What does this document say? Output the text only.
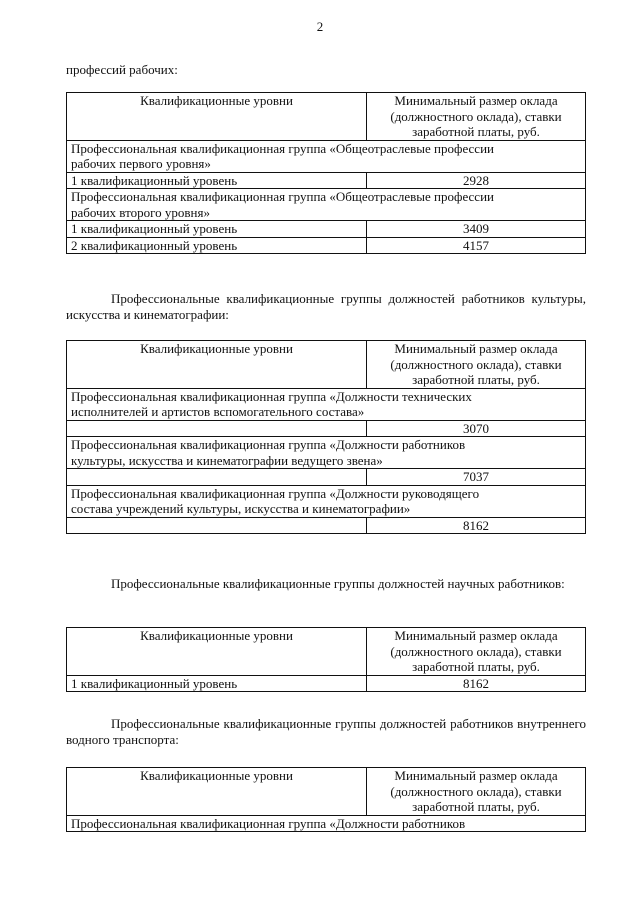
2

профессий рабочих:

Квалификационные уровни	Минимальный размер оклада
(должностного оклада), ставки
заработной платы, руб.

Профессиональная квалификационная группа «Общеотраслевые профессии
рабочих первого уровня»	

1 квалификационный уровень	2928

Профессиональная квалификационная группа «Общеотраслевые профессии
рабочих второго уровня»	

1 квалификационный уровень	3409
2 квалификационный уровень	4157

Профессиональные квалификационные группы должностей работников культуры, искусства и кинематографии:

Квалификационные уровни	Минимальный размер оклада
(должностного оклада), ставки
заработной платы, руб.

Профессиональная квалификационная группа «Должности технических
исполнителей и артистов вспомогательного состава»	

	3070

Профессиональная квалификационная группа «Должности работников
культуры, искусства и кинематографии ведущего звена»	

	7037

Профессиональная квалификационная группа «Должности руководящего
состава учреждений культуры, искусства и кинематографии»	

	8162

Профессиональные квалификационные группы должностей научных работников:

Квалификационные уровни	Минимальный размер оклада
(должностного оклада), ставки
заработной платы, руб.

1 квалификационный уровень	8162

Профессиональные квалификационные группы должностей работников внутреннего водного транспорта:

Квалификационные уровни	Минимальный размер оклада
(должностного оклада), ставки
заработной платы, руб.

Профессиональная квалификационная группа «Должности работников
